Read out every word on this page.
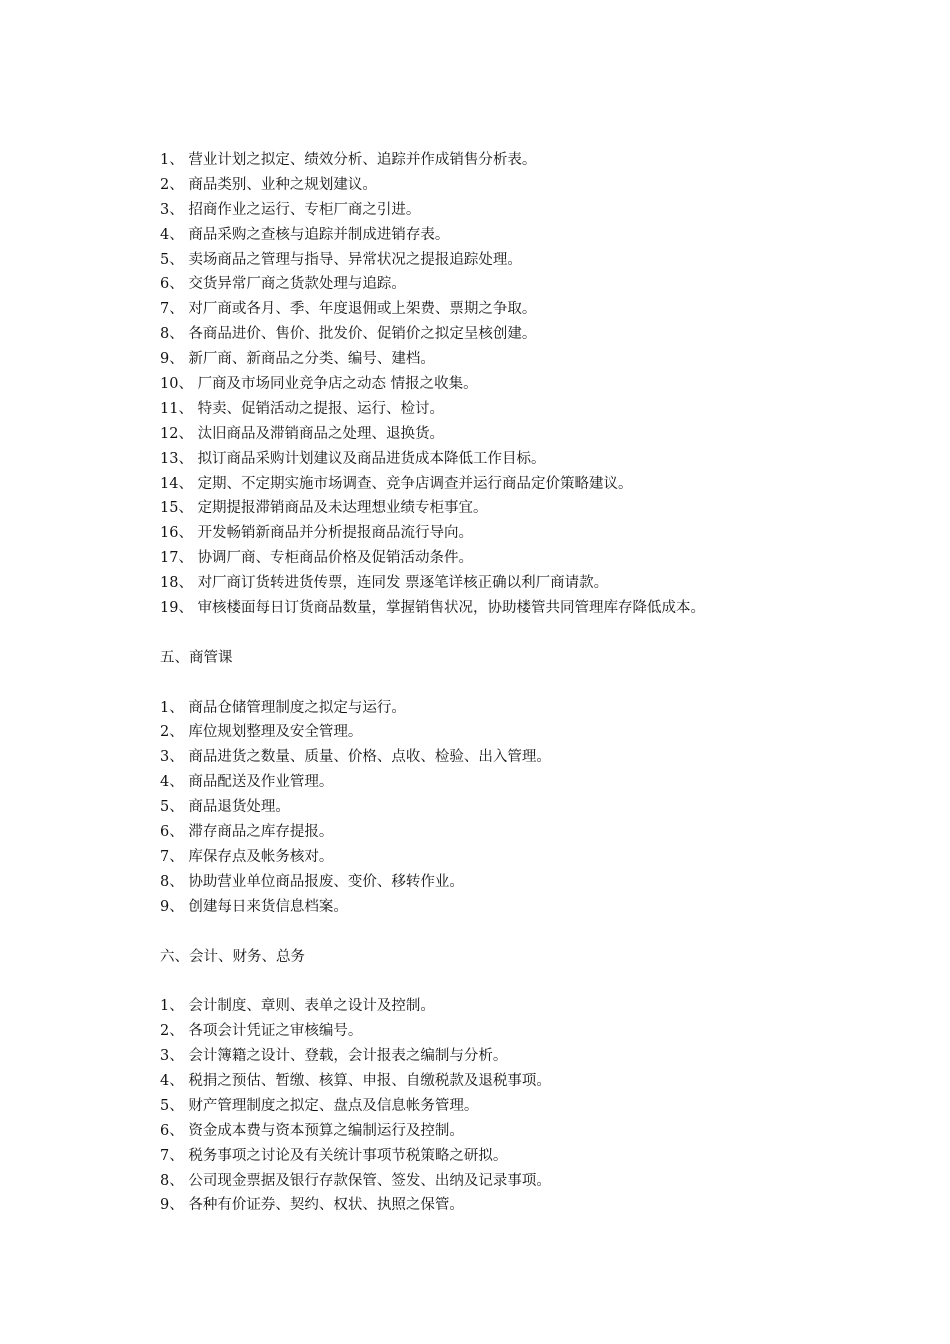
1、 营业计划之拟定、绩效分析、追踪并作成销售分析表。
2、 商品类别、业种之规划建议。
3、 招商作业之运行、专柜厂商之引进。
4、 商品采购之查核与追踪并制成进销存表。
5、 卖场商品之管理与指导、异常状况之提报追踪处理。
6、 交货异常厂商之货款处理与追踪。
7、 对厂商或各月、季、年度退佣或上架费、票期之争取。
8、 各商品进价、售价、批发价、促销价之拟定呈核创建。
9、 新厂商、新商品之分类、编号、建档。
10、 厂商及市场同业竞争店之动态 情报之收集。
11、 特卖、促销活动之提报、运行、检讨。
12、 汰旧商品及滞销商品之处理、退换货。
13、 拟订商品采购计划建议及商品进货成本降低工作目标。
14、 定期、不定期实施市场调查、竞争店调查并运行商品定价策略建议。
15、 定期提报滞销商品及未达理想业绩专柜事宜。
16、 开发畅销新商品并分析提报商品流行导向。
17、 协调厂商、专柜商品价格及促销活动条件。
18、 对厂商订货转进货传票，连同发 票逐笔详核正确以利厂商请款。
19、 审核楼面每日订货商品数量，掌握销售状况，协助楼管共同管理库存降低成本。
五、商管课
1、 商品仓储管理制度之拟定与运行。
2、 库位规划整理及安全管理。
3、 商品进货之数量、质量、价格、点收、检验、出入管理。
4、 商品配送及作业管理。
5、 商品退货处理。
6、 滞存商品之库存提报。
7、 库保存点及帐务核对。
8、 协助营业单位商品报废、变价、移转作业。
9、 创建每日来货信息档案。
六、会计、财务、总务
1、 会计制度、章则、表单之设计及控制。
2、 各项会计凭证之审核编号。
3、 会计簿籍之设计、登载，会计报表之编制与分析。
4、 税捐之预估、暂缴、核算、申报、自缴税款及退税事项。
5、 财产管理制度之拟定、盘点及信息帐务管理。
6、 资金成本费与资本预算之编制运行及控制。
7、 税务事项之讨论及有关统计事项节税策略之研拟。
8、 公司现金票据及银行存款保管、签发、出纳及记录事项。
9、 各种有价证券、契约、权状、执照之保管。
